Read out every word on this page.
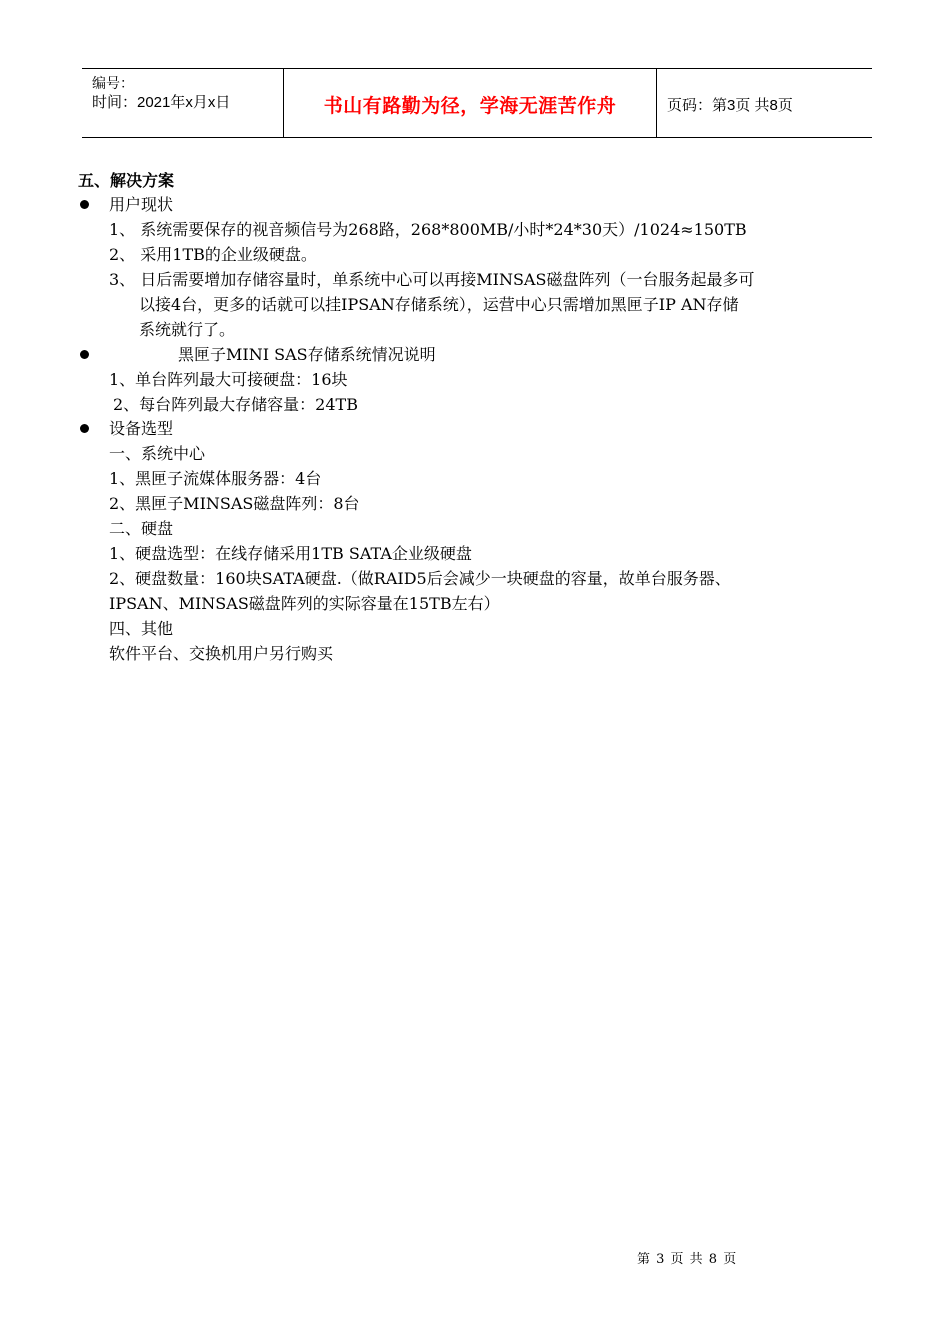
编号：
时间：2021年x月x日	书山有路勤为径，学海无涯苦作舟	页码：第3页 共8页
五、解决方案
用户现状
1、 系统需要保存的视音频信号为268路，268*800MB/小时*24*30天）/1024≈150TB
2、 采用1TB的企业级硬盘。
3、 日后需要增加存储容量时，单系统中心可以再接MINSAS磁盘阵列（一台服务起最多可
以接4台，更多的话就可以挂IPSAN存储系统），运营中心只需增加黑匣子IP AN存储
系统就行了。
黑匣子MINI SAS存储系统情况说明
1、单台阵列最大可接硬盘：16块
2、每台阵列最大存储容量：24TB
设备选型
一、系统中心
1、黑匣子流媒体服务器：4台
2、黑匣子MINSAS磁盘阵列：8台
二、硬盘
1、硬盘选型：在线存储采用1TB SATA企业级硬盘
2、硬盘数量：160块SATA硬盘.（做RAID5后会减少一块硬盘的容量，故单台服务器、
IPSAN、MINSAS磁盘阵列的实际容量在15TB左右）
四、其他
软件平台、交换机用户另行购买
第 3 页 共 8 页
